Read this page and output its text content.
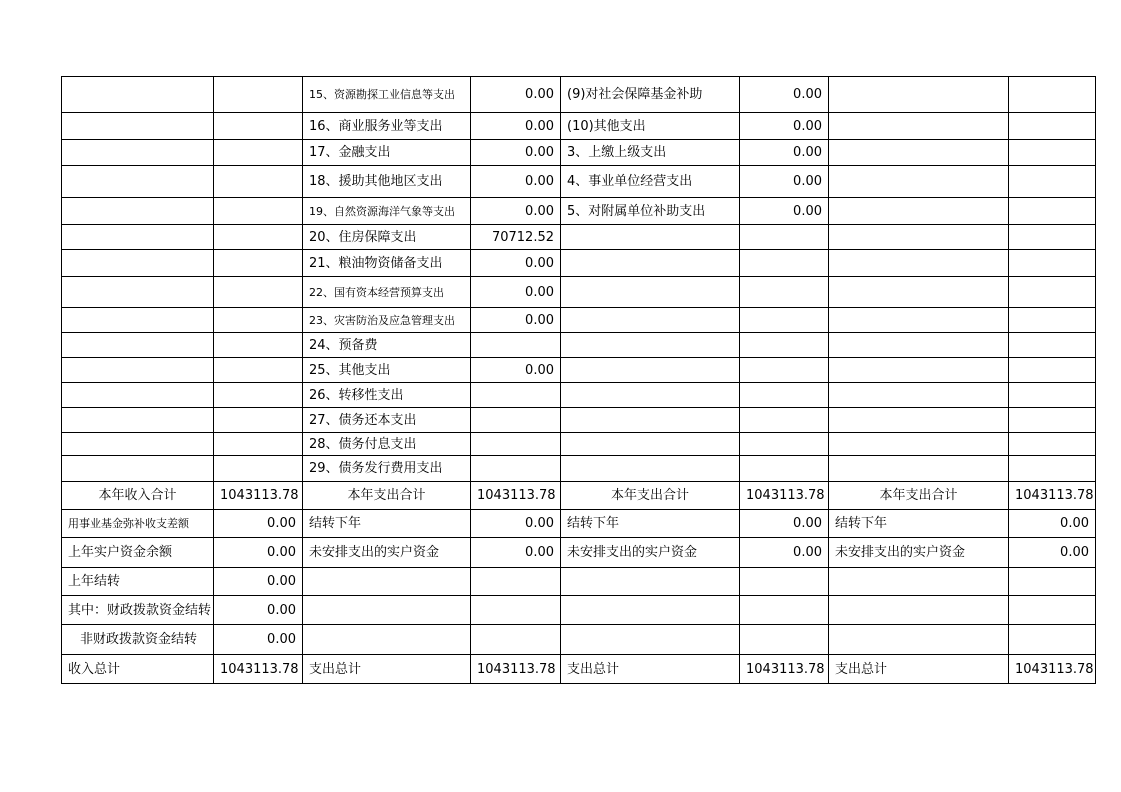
		15、资源勘探工业信息等支出	0.00	(9)对社会保障基金补助	0.00		
		16、商业服务业等支出	0.00	(10)其他支出	0.00		
		17、金融支出	0.00	3、上缴上级支出	0.00		
		18、援助其他地区支出	0.00	4、事业单位经营支出	0.00		
		19、自然资源海洋气象等支出	0.00	5、对附属单位补助支出	0.00		
		20、住房保障支出	70712.52				
		21、粮油物资储备支出	0.00				
		22、国有资本经营预算支出	0.00				
		23、灾害防治及应急管理支出	0.00				
		24、预备费					
		25、其他支出	0.00				
		26、转移性支出					
		27、债务还本支出					
		28、债务付息支出					
		29、债务发行费用支出					
本年收入合计	1043113.78	本年支出合计	1043113.78	本年支出合计	1043113.78	本年支出合计	1043113.78
用事业基金弥补收支差额	0.00	结转下年	0.00	结转下年	0.00	结转下年	0.00
上年实户资金余额	0.00	未安排支出的实户资金	0.00	未安排支出的实户资金	0.00	未安排支出的实户资金	0.00
上年结转	0.00						
其中：财政拨款资金结转	0.00						
非财政拨款资金结转	0.00						
收入总计	1043113.78	支出总计	1043113.78	支出总计	1043113.78	支出总计	1043113.78
